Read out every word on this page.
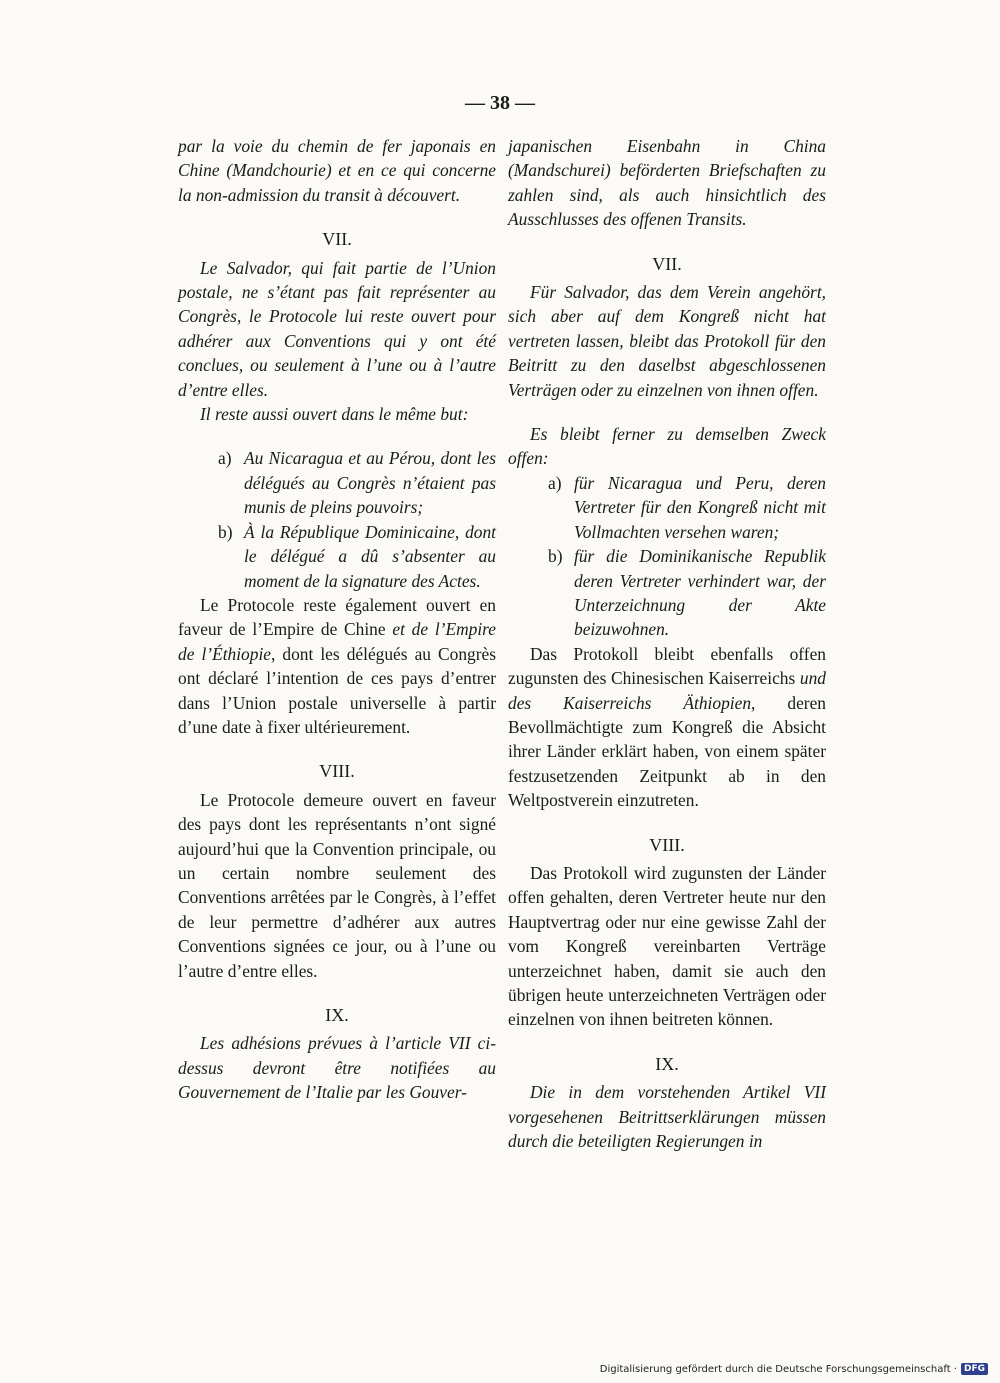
— 38 —
par la voie du chemin de fer japonais en Chine (Mandchourie) et en ce qui concerne la non-admission du transit à découvert.
VII.
Le Salvador, qui fait partie de l’Union postale, ne s’étant pas fait représenter au Congrès, le Protocole lui reste ouvert pour adhérer aux Conventions qui y ont été conclues, ou seulement à l’une ou à l’autre d’entre elles.
Il reste aussi ouvert dans le même but:
a) Au Nicaragua et au Pérou, dont les délégués au Congrès n’étaient pas munis de pleins pouvoirs;
b) À la République Dominicaine, dont le délégué a dû s’absenter au moment de la signature des Actes.
Le Protocole reste également ouvert en faveur de l’Empire de Chine et de l’Empire de l’Éthiopie, dont les délégués au Congrès ont déclaré l’intention de ces pays d’entrer dans l’Union postale universelle à partir d’une date à fixer ultérieurement.
VIII.
Le Protocole demeure ouvert en faveur des pays dont les représentants n’ont signé aujourd’hui que la Convention principale, ou un certain nombre seulement des Conventions arrêtées par le Congrès, à l’effet de leur permettre d’adhérer aux autres Conventions signées ce jour, ou à l’une ou l’autre d’entre elles.
IX.
Les adhésions prévues à l’article VII ci-dessus devront être notifiées au Gouvernement de l’Italie par les Gouver-
japanischen Eisenbahn in China (Mandschurei) beförderten Briefschaften zu zahlen sind, als auch hinsichtlich des Ausschlusses des offenen Transits.
VII.
Für Salvador, das dem Verein angehört, sich aber auf dem Kongreß nicht hat vertreten lassen, bleibt das Protokoll für den Beitritt zu den daselbst abgeschlossenen Verträgen oder zu einzelnen von ihnen offen.
Es bleibt ferner zu demselben Zweck offen:
a) für Nicaragua und Peru, deren Vertreter für den Kongreß nicht mit Vollmachten versehen waren;
b) für die Dominikanische Republik deren Vertreter verhindert war, der Unterzeichnung der Akte beizuwohnen.
Das Protokoll bleibt ebenfalls offen zugunsten des Chinesischen Kaiserreichs und des Kaiserreichs Äthiopien, deren Bevollmächtigte zum Kongreß die Absicht ihrer Länder erklärt haben, von einem später festzusetzenden Zeitpunkt ab in den Weltpostverein einzutreten.
VIII.
Das Protokoll wird zugunsten der Länder offen gehalten, deren Vertreter heute nur den Hauptvertrag oder nur eine gewisse Zahl der vom Kongreß vereinbarten Verträge unterzeichnet haben, damit sie auch den übrigen heute unterzeichneten Verträgen oder einzelnen von ihnen beitreten können.
IX.
Die in dem vorstehenden Artikel VII vorgesehenen Beitrittserklärungen müssen durch die beteiligten Regierungen in
Digitalisierung gefördert durch die Deutsche Forschungsgemeinschaft · DFG
